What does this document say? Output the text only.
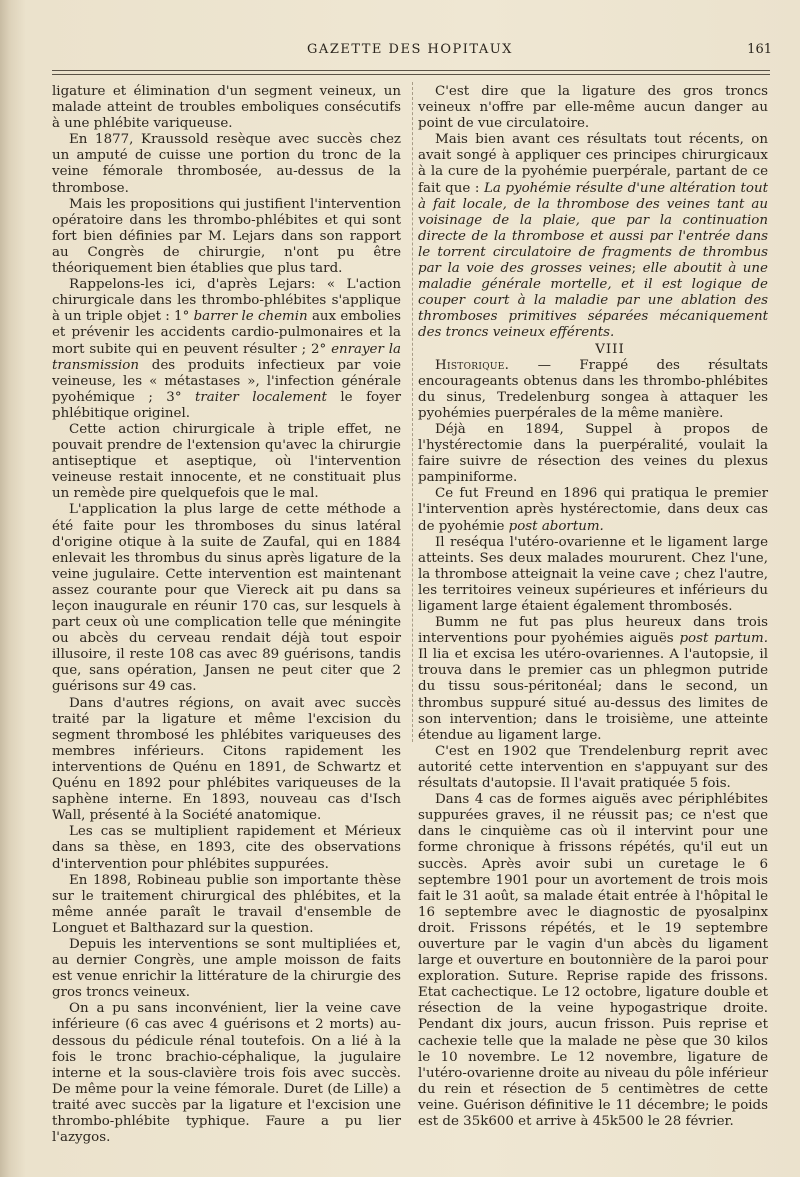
GAZETTE DES HOPITAUX	161

ligature et élimination d'un segment veineux, un malade atteint de troubles emboliques consécutifs à une phlébite variqueuse.

En 1877, Kraussold resèque avec succès chez un amputé de cuisse une portion du tronc de la veine fémorale thrombosée, au-dessus de la thrombose.

Mais les propositions qui justifient l'intervention opératoire dans les thrombo-phlébites et qui sont fort bien définies par M. Lejars dans son rapport au Congrès de chirurgie, n'ont pu être théoriquement bien établies que plus tard.

Rappelons-les ici, d'après Lejars: « L'action chirurgicale dans les thrombo-phlébites s'applique à un triple objet : 1° barrer le chemin aux embolies et prévenir les accidents cardio-pulmonaires et la mort subite qui en peuvent résulter ; 2° enrayer la transmission des produits infectieux par voie veineuse, les « métastases », l'infection générale pyohémique ; 3° traiter localement le foyer phlébitique originel.

Cette action chirurgicale à triple effet, ne pouvait prendre de l'extension qu'avec la chirurgie antiseptique et aseptique, où l'intervention veineuse restait innocente, et ne constituait plus un remède pire quelquefois que le mal.

L'application la plus large de cette méthode a été faite pour les thromboses du sinus latéral d'origine otique à la suite de Zaufal, qui en 1884 enlevait les thrombus du sinus après ligature de la veine jugulaire. Cette intervention est maintenant assez courante pour que Viereck ait pu dans sa leçon inaugurale en réunir 170 cas, sur lesquels à part ceux où une complication telle que méningite ou abcès du cerveau rendait déjà tout espoir illusoire, il reste 108 cas avec 89 guérisons, tandis que, sans opération, Jansen ne peut citer que 2 guérisons sur 49 cas.

Dans d'autres régions, on avait avec succès traité par la ligature et même l'excision du segment thrombosé les phlébites variqueuses des membres inférieurs. Citons rapidement les interventions de Quénu en 1891, de Schwartz et Quénu en 1892 pour phlébites variqueuses de la saphène interne. En 1893, nouveau cas d'Isch Wall, présenté à la Société anatomique.

Les cas se multiplient rapidement et Mérieux dans sa thèse, en 1893, cite des observations d'intervention pour phlébites suppurées.

En 1898, Robineau publie son importante thèse sur le traitement chirurgical des phlébites, et la même année paraît le travail d'ensemble de Longuet et Balthazard sur la question.

Depuis les interventions se sont multipliées et, au dernier Congrès, une ample moisson de faits est venue enrichir la littérature de la chirurgie des gros troncs veineux.

On a pu sans inconvénient, lier la veine cave inférieure (6 cas avec 4 guérisons et 2 morts) au-dessous du pédicule rénal toutefois. On a lié à la fois le tronc brachio-céphalique, la jugulaire interne et la sous-clavière trois fois avec succès. De même pour la veine fémorale. Duret (de Lille) a traité avec succès par la ligature et l'excision une thrombo-phlébite typhique. Faure a pu lier l'azygos.

C'est dire que la ligature des gros troncs veineux n'offre par elle-même aucun danger au point de vue circulatoire.

Mais bien avant ces résultats tout récents, on avait songé à appliquer ces principes chirurgicaux à la cure de la pyohémie puerpérale, partant de ce fait que : La pyohémie résulte d'une altération tout à fait locale, de la thrombose des veines tant au voisinage de la plaie, que par la continuation directe de la thrombose et aussi par l'entrée dans le torrent circulatoire de fragments de thrombus par la voie des grosses veines; elle aboutit à une maladie générale mortelle, et il est logique de couper court à la maladie par une ablation des thromboses primitives séparées mécaniquement des troncs veineux efférents.

VIII

Historique. — Frappé des résultats encourageants obtenus dans les thrombo-phlébites du sinus, Tredelenburg songea à attaquer les pyohémies puerpérales de la même manière.

Déjà en 1894, Suppel à propos de l'hystérectomie dans la puerpéralité, voulait la faire suivre de résection des veines du plexus pampiniforme.

Ce fut Freund en 1896 qui pratiqua le premier l'intervention après hystérectomie, dans deux cas de pyohémie post abortum.

Il reséqua l'utéro-ovarienne et le ligament large atteints. Ses deux malades moururent. Chez l'une, la thrombose atteignait la veine cave ; chez l'autre, les territoires veineux supérieures et inférieurs du ligament large étaient également thrombosés.

Bumm ne fut pas plus heureux dans trois interventions pour pyohémies aiguës post partum. Il lia et excisa les utéro-ovariennes. A l'autopsie, il trouva dans le premier cas un phlegmon putride du tissu sous-péritonéal; dans le second, un thrombus suppuré situé au-dessus des limites de son intervention; dans le troisième, une atteinte étendue au ligament large.

C'est en 1902 que Trendelenburg reprit avec autorité cette intervention en s'appuyant sur des résultats d'autopsie. Il l'avait pratiquée 5 fois.

Dans 4 cas de formes aiguës avec périphlébites suppurées graves, il ne réussit pas; ce n'est que dans le cinquième cas où il intervint pour une forme chronique à frissons répétés, qu'il eut un succès. Après avoir subi un curetage le 6 septembre 1901 pour un avortement de trois mois fait le 31 août, sa malade était entrée à l'hôpital le 16 septembre avec le diagnostic de pyosalpinx droit. Frissons répétés, et le 19 septembre ouverture par le vagin d'un abcès du ligament large et ouverture en boutonnière de la paroi pour exploration. Suture. Reprise rapide des frissons. Etat cachectique. Le 12 octobre, ligature double et résection de la veine hypogastrique droite. Pendant dix jours, aucun frisson. Puis reprise et cachexie telle que la malade ne pèse que 30 kilos le 10 novembre. Le 12 novembre, ligature de l'utéro-ovarienne droite au niveau du pôle inférieur du rein et résection de 5 centimètres de cette veine. Guérison définitive le 11 décembre; le poids est de 35k600 et arrive à 45k500 le 28 février.
